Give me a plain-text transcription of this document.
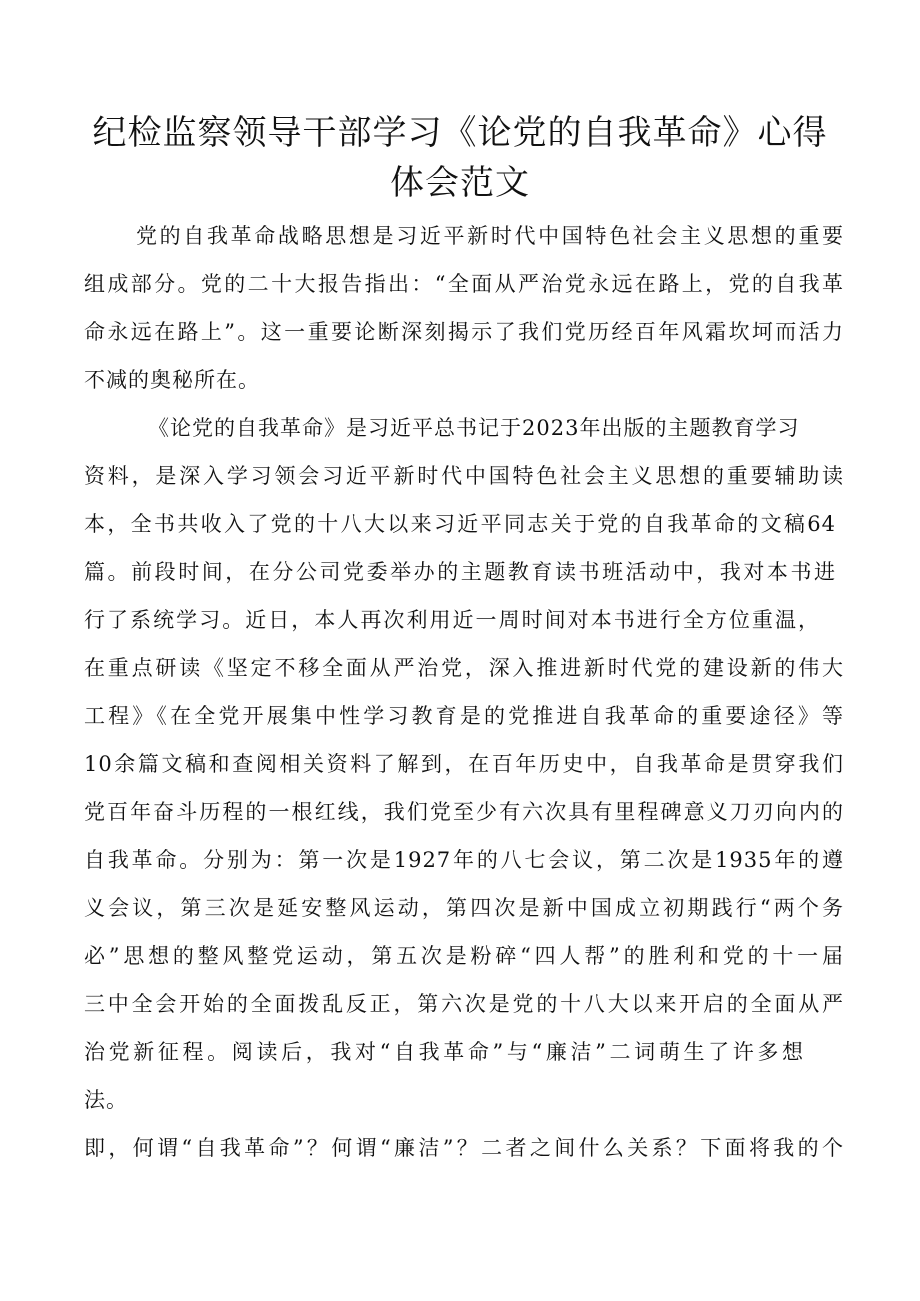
纪检监察领导干部学习《论党的自我革命》心得
体会范文
党的自我革命战略思想是习近平新时代中国特色社会主义思想的重要
组成部分。党的二十大报告指出：“全面从严治党永远在路上，党的自我革
命永远在路上”。这一重要论断深刻揭示了我们党历经百年风霜坎坷而活力
不减的奥秘所在。
《论党的自我革命》是习近平总书记于2023年出版的主题教育学习
资料，是深入学习领会习近平新时代中国特色社会主义思想的重要辅助读
本，全书共收入了党的十八大以来习近平同志关于党的自我革命的文稿64
篇。前段时间，在分公司党委举办的主题教育读书班活动中，我对本书进
行了系统学习。近日，本人再次利用近一周时间对本书进行全方位重温，
在重点研读《坚定不移全面从严治党，深入推进新时代党的建设新的伟大
工程》《在全党开展集中性学习教育是的党推进自我革命的重要途径》等
10余篇文稿和查阅相关资料了解到，在百年历史中，自我革命是贯穿我们
党百年奋斗历程的一根红线，我们党至少有六次具有里程碑意义刀刃向内的
自我革命。分别为：第一次是1927年的八七会议，第二次是1935年的遵
义会议，第三次是延安整风运动，第四次是新中国成立初期践行“两个务
必”思想的整风整党运动，第五次是粉碎“四人帮”的胜利和党的十一届
三中全会开始的全面拨乱反正，第六次是党的十八大以来开启的全面从严
治党新征程。阅读后，我对“自我革命”与“廉洁”二词萌生了许多想
法。
即，何谓“自我革命”？何谓“廉洁”？二者之间什么关系？下面将我的个
